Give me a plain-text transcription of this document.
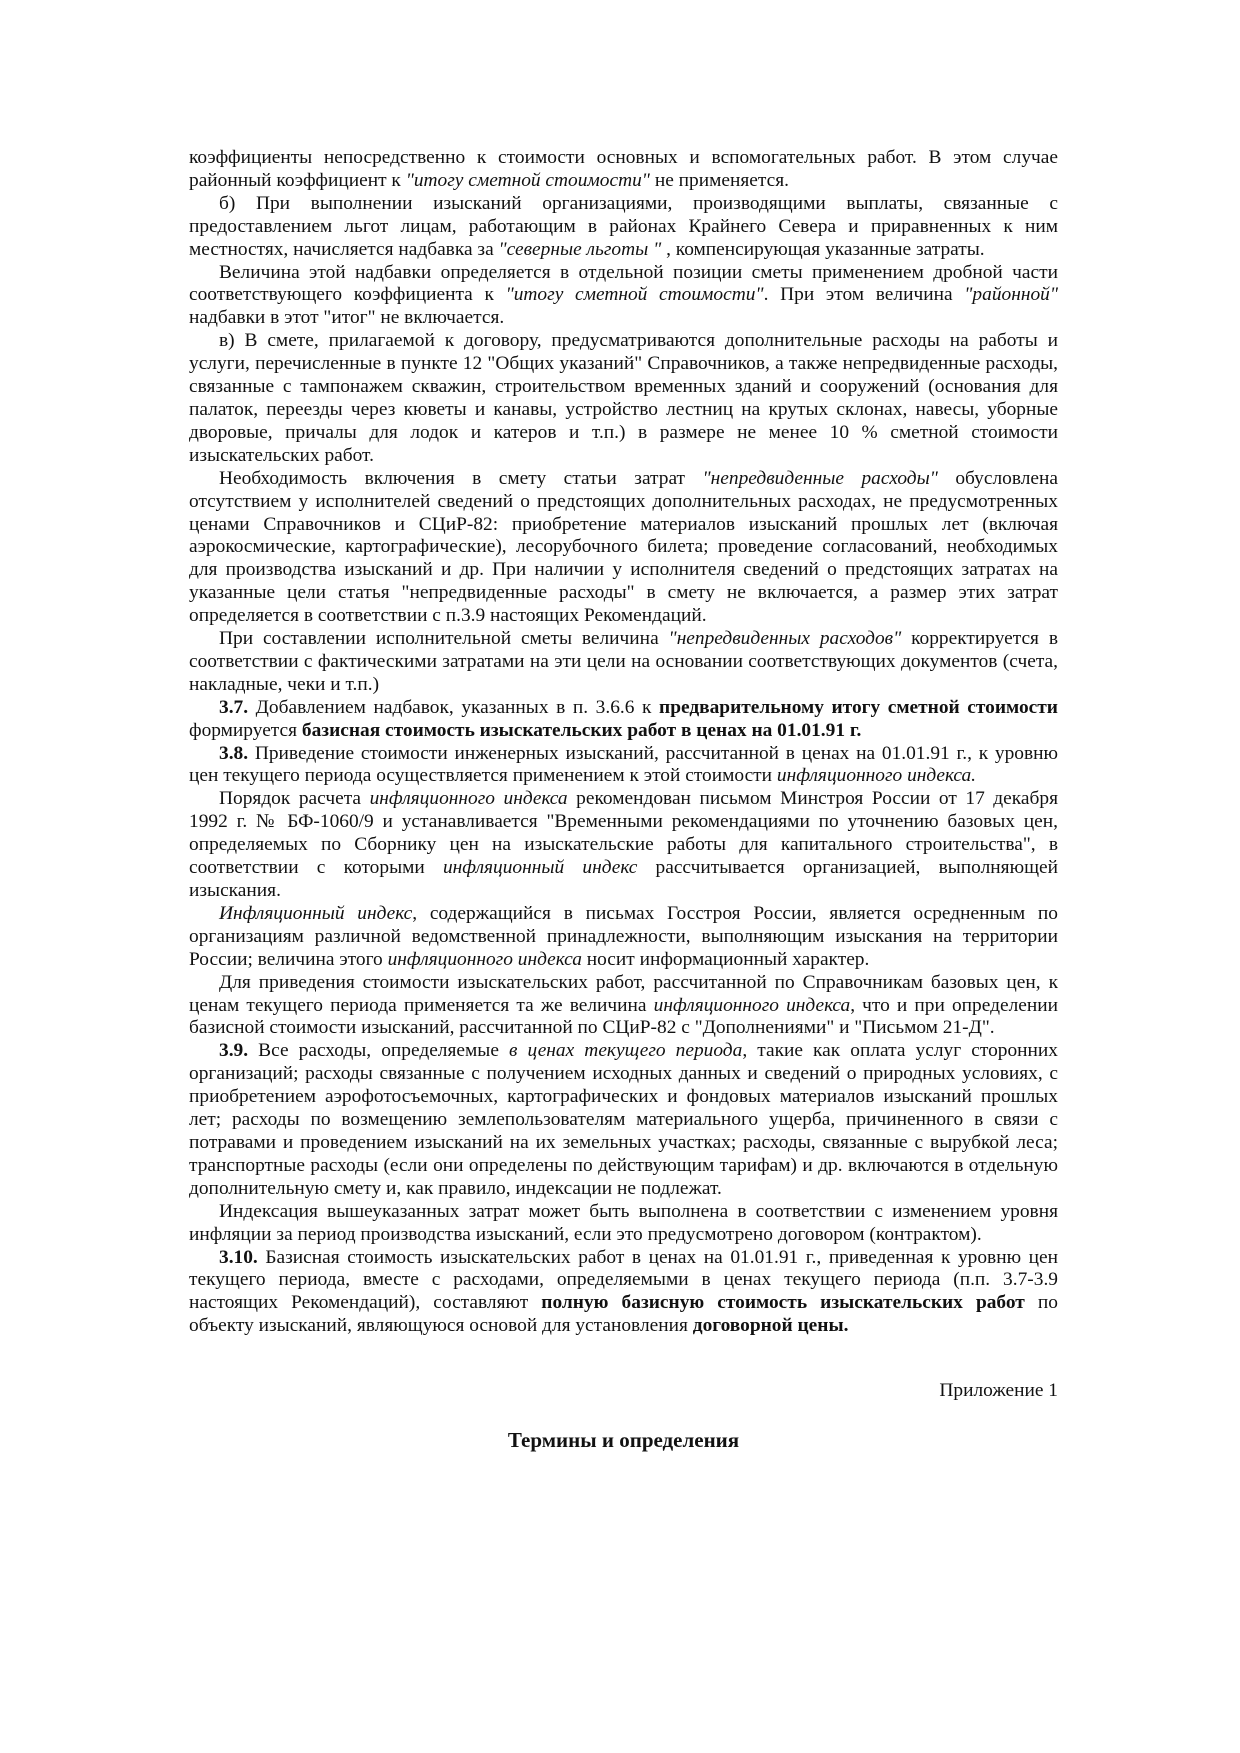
коэффициенты непосредственно к стоимости основных и вспомогательных работ. В этом случае районный коэффициент к "итогу сметной стоимости" не применяется.

б) При выполнении изысканий организациями, производящими выплаты, связанные с предоставлением льгот лицам, работающим в районах Крайнего Севера и приравненных к ним местностях, начисляется надбавка за "северные льготы " , компенсирующая указанные затраты.

Величина этой надбавки определяется в отдельной позиции сметы применением дробной части соответствующего коэффициента к "итогу сметной стоимости". При этом величина "районной" надбавки в этот "итог" не включается.

в) В смете, прилагаемой к договору, предусматриваются дополнительные расходы на работы и услуги, перечисленные в пункте 12 "Общих указаний" Справочников, а также непредвиденные расходы, связанные с тампонажем скважин, строительством временных зданий и сооружений (основания для палаток, переезды через кюветы и канавы, устройство лестниц на крутых склонах, навесы, уборные дворовые, причалы для лодок и катеров и т.п.) в размере не менее 10 % сметной стоимости изыскательских работ.

Необходимость включения в смету статьи затрат "непредвиденные расходы" обусловлена отсутствием у исполнителей сведений о предстоящих дополнительных расходах, не предусмотренных ценами Справочников и СЦиР-82: приобретение материалов изысканий прошлых лет (включая аэрокосмические, картографические), лесорубочного билета; проведение согласований, необходимых для производства изысканий и др. При наличии у исполнителя сведений о предстоящих затратах на указанные цели статья "непредвиденные расходы" в смету не включается, а размер этих затрат определяется в соответствии с п.3.9 настоящих Рекомендаций.

При составлении исполнительной сметы величина "непредвиденных расходов" корректируется в соответствии с фактическими затратами на эти цели на основании соответствующих документов (счета, накладные, чеки и т.п.)

3.7. Добавлением надбавок, указанных в п. 3.6.6 к предварительному итогу сметной стоимости формируется базисная стоимость изыскательских работ в ценах на 01.01.91 г.

3.8. Приведение стоимости инженерных изысканий, рассчитанной в ценах на 01.01.91 г., к уровню цен текущего периода осуществляется применением к этой стоимости инфляционного индекса.

Порядок расчета инфляционного индекса рекомендован письмом Минстроя России от 17 декабря 1992 г. № БФ-1060/9 и устанавливается "Временными рекомендациями по уточнению базовых цен, определяемых по Сборнику цен на изыскательские работы для капитального строительства", в соответствии с которыми инфляционный индекс рассчитывается организацией, выполняющей изыскания.

Инфляционный индекс, содержащийся в письмах Госстроя России, является осредненным по организациям различной ведомственной принадлежности, выполняющим изыскания на территории России; величина этого инфляционного индекса носит информационный характер.

Для приведения стоимости изыскательских работ, рассчитанной по Справочникам базовых цен, к ценам текущего периода применяется та же величина инфляционного индекса, что и при определении базисной стоимости изысканий, рассчитанной по СЦиР-82 с "Дополнениями" и "Письмом 21-Д".

3.9. Все расходы, определяемые в ценах текущего периода, такие как оплата услуг сторонних организаций; расходы связанные с получением исходных данных и сведений о природных условиях, с приобретением аэрофотосъемочных, картографических и фондовых материалов изысканий прошлых лет; расходы по возмещению землепользователям материального ущерба, причиненного в связи с потравами и проведением изысканий на их земельных участках; расходы, связанные с вырубкой леса; транспортные расходы (если они определены по действующим тарифам) и др. включаются в отдельную дополнительную смету и, как правило, индексации не подлежат.

Индексация вышеуказанных затрат может быть выполнена в соответствии с изменением уровня инфляции за период производства изысканий, если это предусмотрено договором (контрактом).

3.10. Базисная стоимость изыскательских работ в ценах на 01.01.91 г., приведенная к уровню цен текущего периода, вместе с расходами, определяемыми в ценах текущего периода (п.п. 3.7-3.9 настоящих Рекомендаций), составляют полную базисную стоимость изыскательских работ по объекту изысканий, являющуюся основой для установления договорной цены.

Приложение 1

Термины и определения
